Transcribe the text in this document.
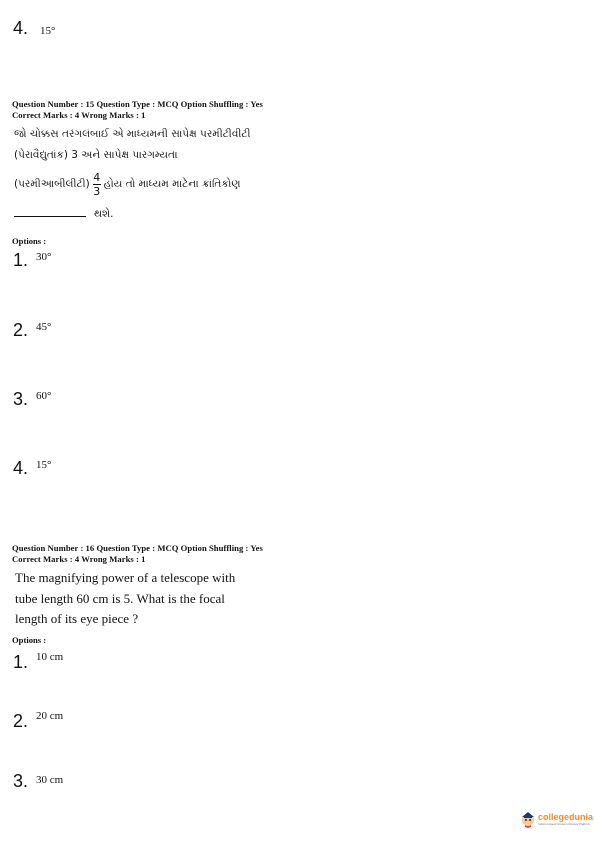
4. 15°
Question Number : 15 Question Type : MCQ Option Shuffling : Yes
Correct Marks : 4 Wrong Marks : 1
જો ચોક્કસ તરંગલંબાઈ એ માધ્યમની સાપેક્ષ પરમીટીવીટી
(પેરાવૈદ્યુતાંક) 3 અને સાપેક્ષ પારગમ્યતા
(પરમીઆબીલીટી) $\frac{4}{3}$ હોય તો માધ્યમ માટેના ક્રાંતિકોણ
થશે.
Options :
1. $^{30^\circ}$
2. $^{45^\circ}$
3. $^{60^\circ}$
4. $^{15^\circ}$
Question Number : 16 Question Type : MCQ Option Shuffling : Yes
Correct Marks : 4 Wrong Marks : 1
The magnifying power of a telescope with
tube length 60 cm is 5. What is the focal
length of its eye piece ?
Options :
1. $^{10 cm}$
2. $^{20 cm}$
3. $^{30 cm}$
collegedunia
India's largest Student Review Platform
